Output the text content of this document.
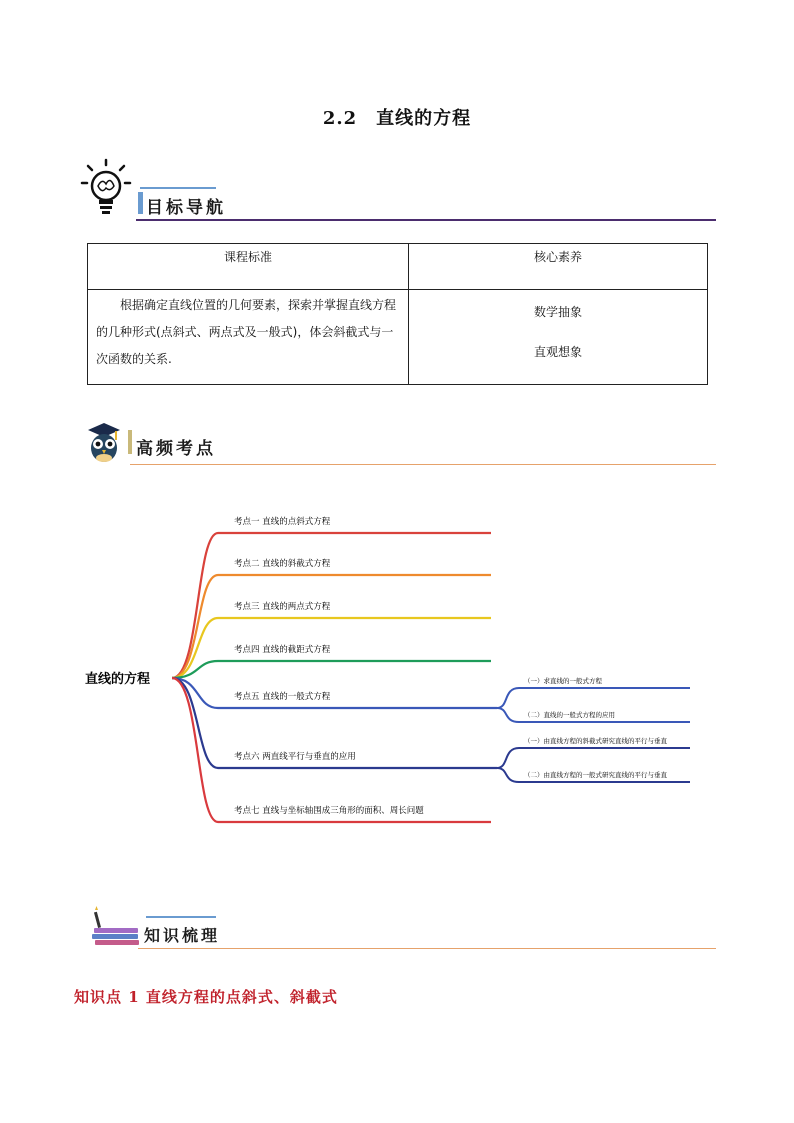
2.2　直线的方程
目标导航
课程标准	核心素养
根据确定直线位置的几何要素，探索并掌握直线方程的几种形式(点斜式、两点式及一般式)，体会斜截式与一次函数的关系.	数学抽象
直观想象
高频考点
直线的方程
考点一 直线的点斜式方程
考点二 直线的斜截式方程
考点三 直线的两点式方程
考点四 直线的截距式方程
考点五 直线的一般式方程
（一）求直线的一般式方程
（二）直线的一般式方程的应用
考点六 两直线平行与垂直的应用
（一）由直线方程的斜截式研究直线的平行与垂直
（二）由直线方程的一般式研究直线的平行与垂直
考点七 直线与坐标轴围成三角形的面积、周长问题
知识梳理
知识点 1 直线方程的点斜式、斜截式
